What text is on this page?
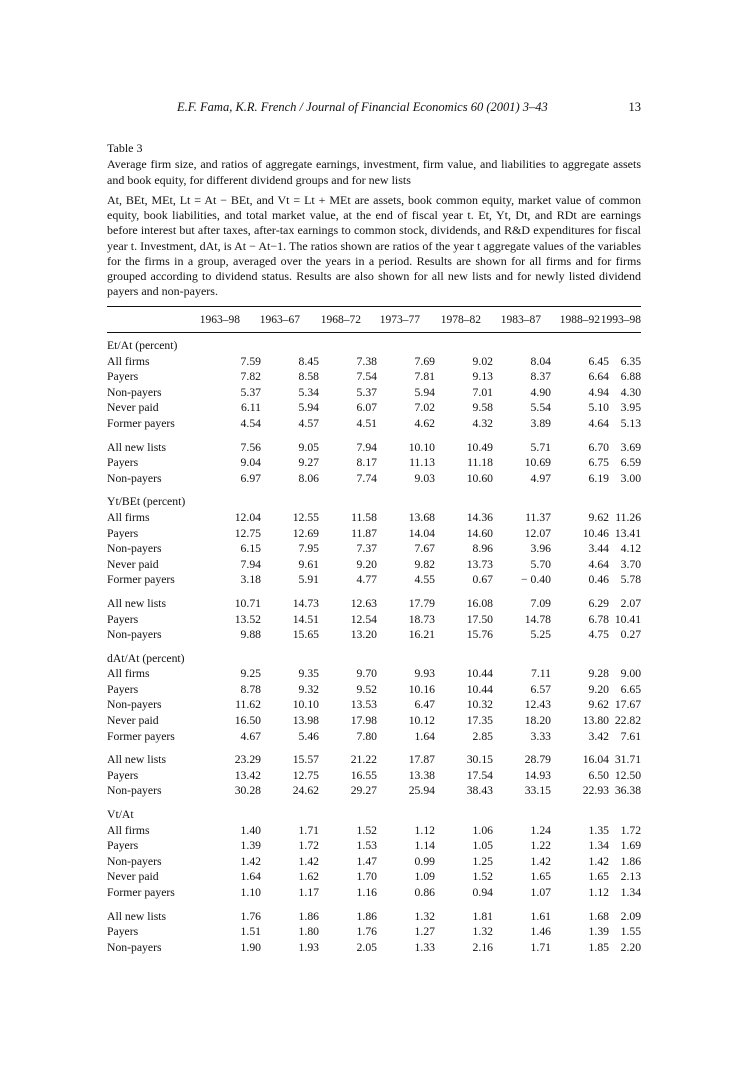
E.F. Fama, K.R. French / Journal of Financial Economics 60 (2001) 3–43	13
Table 3
Average firm size, and ratios of aggregate earnings, investment, firm value, and liabilities to aggregate assets and book equity, for different dividend groups and for new lists
At, BEt, MEt, Lt = At − BEt, and Vt = Lt + MEt are assets, book common equity, market value of common equity, book liabilities, and total market value, at the end of fiscal year t. Et, Yt, Dt, and RDt are earnings before interest but after taxes, after-tax earnings to common stock, dividends, and R&D expenditures for fiscal year t. Investment, dAt, is At − At−1. The ratios shown are ratios of the year t aggregate values of the variables for the firms in a group, averaged over the years in a period. Results are shown for all firms and for firms grouped according to dividend status. Results are also shown for all new lists and for newly listed dividend payers and non-payers.
1963–98	1963–67	1968–72	1973–77	1978–82	1983–87	1988–92 1993–98
Et/At (percent)								
All firms	7.59	8.45	7.38	7.69	9.02	8.04	6.45	6.35
Payers	7.82	8.58	7.54	7.81	9.13	8.37	6.64	6.88
Non-payers	5.37	5.34	5.37	5.94	7.01	4.90	4.94	4.30
Never paid	6.11	5.94	6.07	7.02	9.58	5.54	5.10	3.95
Former payers	4.54	4.57	4.51	4.62	4.32	3.89	4.64	5.13

All new lists	7.56	9.05	7.94	10.10	10.49	5.71	6.70	3.69
Payers	9.04	9.27	8.17	11.13	11.18	10.69	6.75	6.59
Non-payers	6.97	8.06	7.74	9.03	10.60	4.97	6.19	3.00

Yt/BEt (percent)								
All firms	12.04	12.55	11.58	13.68	14.36	11.37	9.62	11.26
Payers	12.75	12.69	11.87	14.04	14.60	12.07	10.46	13.41
Non-payers	6.15	7.95	7.37	7.67	8.96	3.96	3.44	4.12
Never paid	7.94	9.61	9.20	9.82	13.73	5.70	4.64	3.70
Former payers	3.18	5.91	4.77	4.55	0.67	− 0.40	0.46	5.78

All new lists	10.71	14.73	12.63	17.79	16.08	7.09	6.29	2.07
Payers	13.52	14.51	12.54	18.73	17.50	14.78	6.78	10.41
Non-payers	9.88	15.65	13.20	16.21	15.76	5.25	4.75	0.27

dAt/At (percent)								
All firms	9.25	9.35	9.70	9.93	10.44	7.11	9.28	9.00
Payers	8.78	9.32	9.52	10.16	10.44	6.57	9.20	6.65
Non-payers	11.62	10.10	13.53	6.47	10.32	12.43	9.62	17.67
Never paid	16.50	13.98	17.98	10.12	17.35	18.20	13.80	22.82
Former payers	4.67	5.46	7.80	1.64	2.85	3.33	3.42	7.61

All new lists	23.29	15.57	21.22	17.87	30.15	28.79	16.04	31.71
Payers	13.42	12.75	16.55	13.38	17.54	14.93	6.50	12.50
Non-payers	30.28	24.62	29.27	25.94	38.43	33.15	22.93	36.38

Vt/At								
All firms	1.40	1.71	1.52	1.12	1.06	1.24	1.35	1.72
Payers	1.39	1.72	1.53	1.14	1.05	1.22	1.34	1.69
Non-payers	1.42	1.42	1.47	0.99	1.25	1.42	1.42	1.86
Never paid	1.64	1.62	1.70	1.09	1.52	1.65	1.65	2.13
Former payers	1.10	1.17	1.16	0.86	0.94	1.07	1.12	1.34

All new lists	1.76	1.86	1.86	1.32	1.81	1.61	1.68	2.09
Payers	1.51	1.80	1.76	1.27	1.32	1.46	1.39	1.55
Non-payers	1.90	1.93	2.05	1.33	2.16	1.71	1.85	2.20
